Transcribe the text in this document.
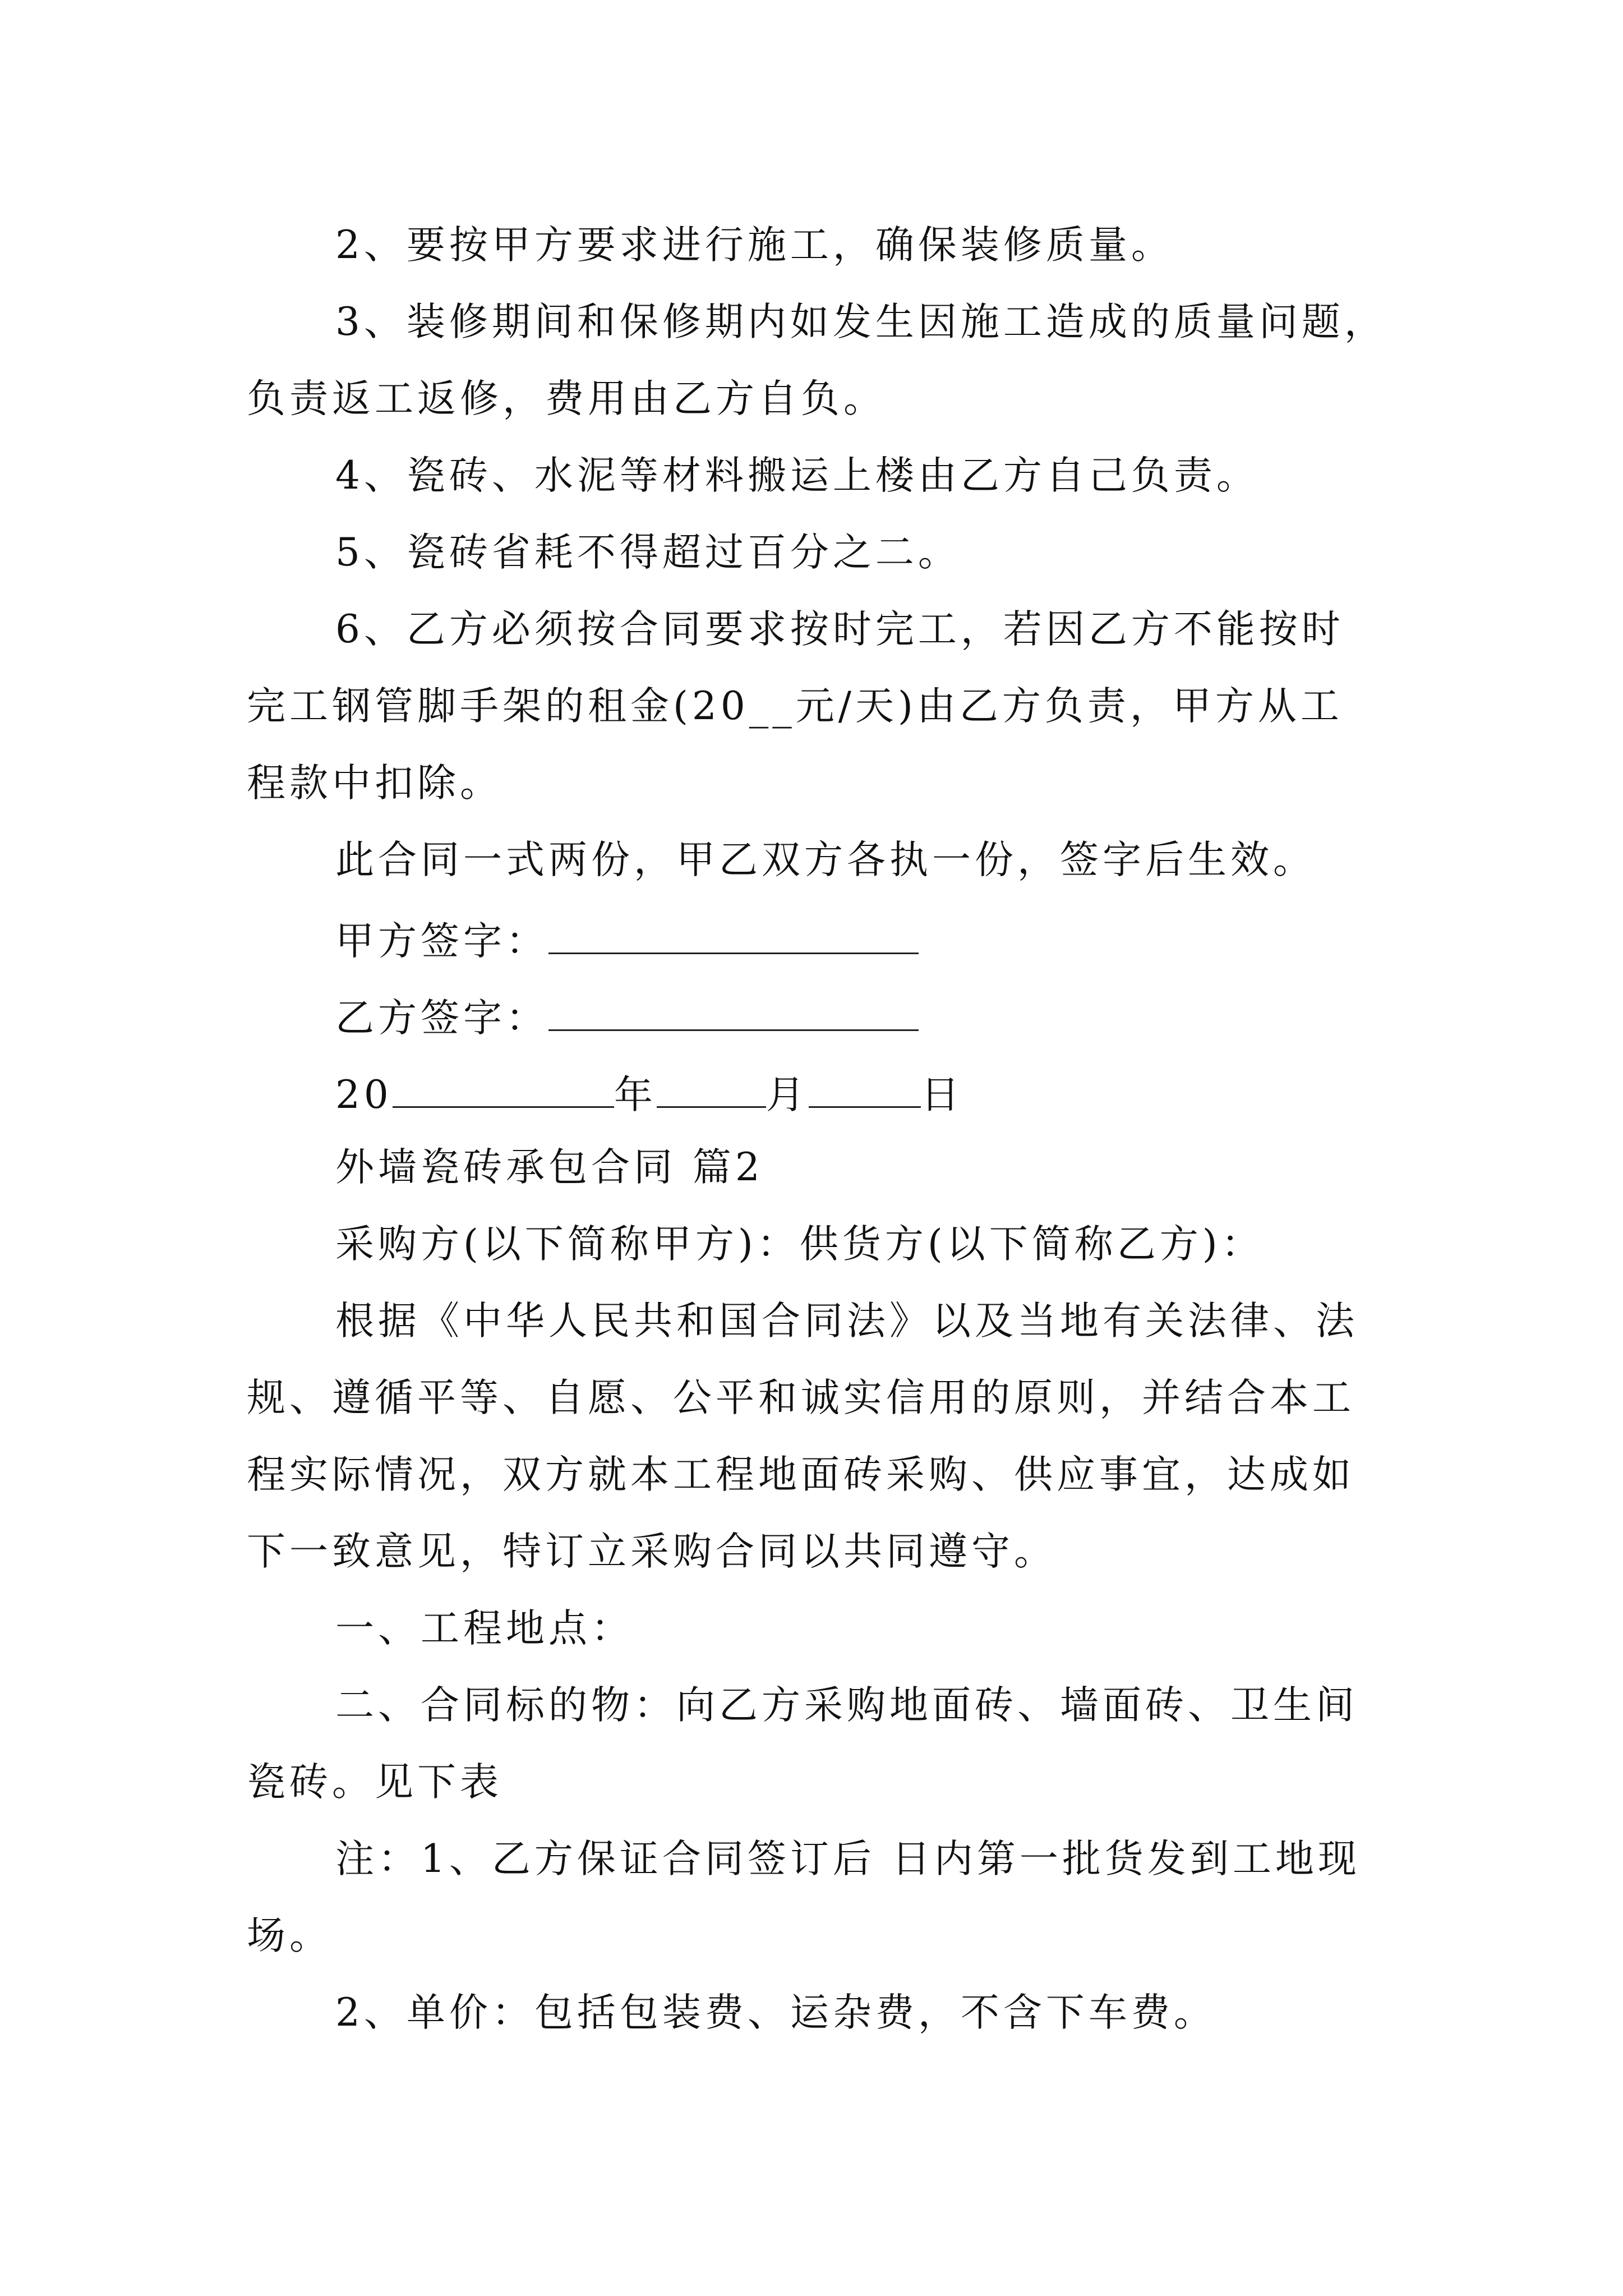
2、要按甲方要求进行施工，确保装修质量。
3、装修期间和保修期内如发生因施工造成的质量问题，
负责返工返修，费用由乙方自负。
4、瓷砖、水泥等材料搬运上楼由乙方自己负责。
5、瓷砖省耗不得超过百分之二。
6、乙方必须按合同要求按时完工，若因乙方不能按时
完工钢管脚手架的租金(20__元/天)由乙方负责，甲方从工
程款中扣除。
此合同一式两份，甲乙双方各执一份，签字后生效。
甲方签字：
乙方签字：
20	年	月	日
外墙瓷砖承包合同 篇2
采购方(以下简称甲方)：供货方(以下简称乙方)：
根据《中华人民共和国合同法》以及当地有关法律、法
规、遵循平等、自愿、公平和诚实信用的原则，并结合本工
程实际情况，双方就本工程地面砖采购、供应事宜，达成如
下一致意见，特订立采购合同以共同遵守。
一、工程地点：
二、合同标的物：向乙方采购地面砖、墙面砖、卫生间
瓷砖。见下表
注：1、乙方保证合同签订后 日内第一批货发到工地现
场。
2、单价：包括包装费、运杂费，不含下车费。
